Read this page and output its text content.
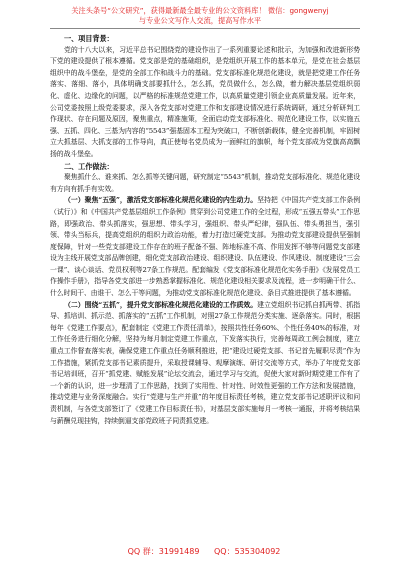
关注头条号“公文研究”，获得最新最全最专业的公文资料库！ 微信：gongwenyj
与专业公文写作人交流，提高写作水平

一、项目背景：

党的十八大以来，习近平总书记围绕党的建设作出了一系列重要论述和批示，为加强和改进新形势下党的建设提供了根本遵循。党支部是党的基础组织，是党组织开展工作的基本单元，是党在社会基层组织中的战斗堡垒，是党的全部工作和战斗力的基础。党支部标准化规范化建设，就是把党建工作任务落实、落细、落小，具体明确支部要抓什么，怎么抓，党员做什么，怎么做，着力解决基层党组织弱化、虚化、边缘化的问题，以严格的标准规范党建工作，以高质量党建引领企业高质量发展。近年来，公司党委按照上级党委要求，深入各党支部对党建工作和支部建设情况进行系统调研，通过分析研判工作现状、存在问题及原因，聚焦重点，精准施策，全面启动党支部标准化、规范化建设工作，以实施五强、五抓、四化、三基为内容的“5543”强基固本工程为突破口，不断创新载体，健全完善机制，牢固树立大抓基层、大抓支部的工作导向，真正使每名党员成为一面鲜红的旗帜，每个党支部成为党旗高高飘扬的战斗堡垒。

二、工作做法：

聚焦抓什么、谁来抓、怎么抓等关键问题，研究制定“5543”机制，推动党支部标准化、规范化建设有方向有抓手有实效。

（一）聚焦“五强”，激活党支部标准化规范化建设的内生动力。坚持把《中国共产党支部工作条例（试行）》和《中国共产党基层组织工作条例》贯穿到公司党建工作的全过程，形成“五强五带头”工作思路，即强政治、带头抓落实，强思想、带头学习，强组织、带头严纪律，强队伍、带头勇担当，强引领、带头当标兵，提高党组织的组织力政治功能，着力打造过硬党支部。为推动党支部建设提供坚强制度保障，针对一些党支部建设工作存在的班子配备不强、阵地标准不高、作用发挥不够等问题党支部建设为主线开展党支部品牌创建，细化党支部政治建设、组织建设、队伍建设、作风建设、制度建设“三会一课”、谈心谈话、党员权利等27条工作规范。配套编发《党支部标准化规范化实务手册》《发展党员工作操作手册》，指导各党支部进一步熟悉掌握标准化、规范化建设相关要求及流程，进一步明确干什么、什么时间干、由谁干、怎么干等问题，为推动党支部标准化规范化建设、条目式推进提供了基本遵循。

（二）围绕“五抓”，提升党支部标准化规范化建设的工作质效。建立党组织书记抓自抓两带、抓指导、抓培训、抓示范、抓落实的“五抓”工作机制，对照27条工作规范分类实施、逐条落实。同时，根据每年《党建工作要点》，配套制定《党建工作责任清单》，按照共性任务60%、个性任务40%的标准，对工作任务进行细化分解，坚持为每月制定党建工作重点，下发落实执行，完善每周政工例会制度，建立重点工作督查落实表，确保党建工作重点任务顺利推进，把“建设过硬党支部、书记首先履职尽责”作为工作措施，紧抓党支部书记素质提升，采取授课辅导、观摩演练、研讨交流等方式，举办了年度党支部书记培训班，召开“抓党建、赋能发展”论坛交流会，通过学习与交流，促使大家对新时期党建工作有了一个新的认识，进一步理清了工作思路，找到了实用性、针对性、时效性更强的工作方法和发展措施，推动党建与业务深度融合。实行“党建与生产并重”的年度目标责任考核，建立党支部书记述职评议和问责机制，与各党支部签订了《党建工作目标责任书》，对基层支部实施每月一考核一通报，并将考核结果与薪酬兑现挂钩，持续倒逼支部党政班子同责抓党建。

QQ 群：31991489 QQ：535304092
